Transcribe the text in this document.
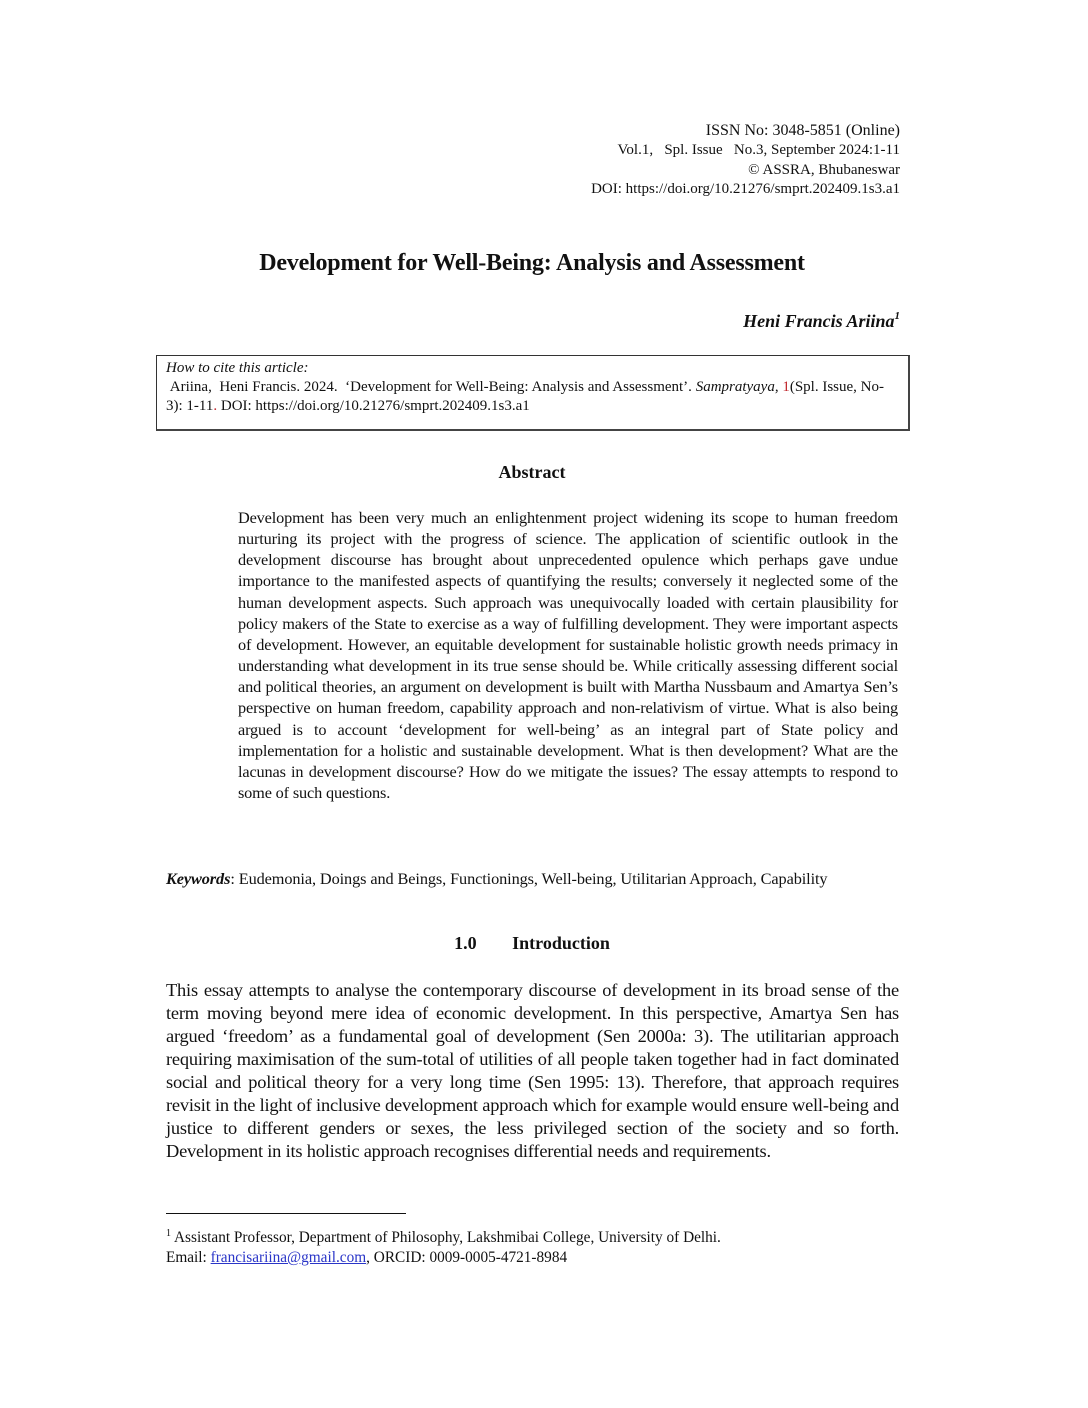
ISSN No: 3048-5851 (Online)
Vol.1,   Spl. Issue   No.3, September 2024:1-11
© ASSRA, Bhubaneswar
DOI: https://doi.org/10.21276/smprt.202409.1s3.a1
Development for Well-Being: Analysis and Assessment
Heni Francis Ariina$^1$
How to cite this article:
Ariina,  Heni Francis. 2024.  ‘Development for Well-Being: Analysis and Assessment’. Sampratyaya, 1(Spl. Issue, No-3): 1-11. DOI: https://doi.org/10.21276/smprt.202409.1s3.a1
Abstract

Development has been very much an enlightenment project widening its scope to human freedom nurturing its project with the progress of science. The application of scientific outlook in the development discourse has brought about unprecedented opulence which perhaps gave undue importance to the manifested aspects of quantifying the results; conversely it neglected some of the human development aspects. Such approach was unequivocally loaded with certain plausibility for policy makers of the State to exercise as a way of fulfilling development. They were important aspects of development. However, an equitable development for sustainable holistic growth needs primacy in understanding what development in its true sense should be. While critically assessing different social and political theories, an argument on development is built with Martha Nussbaum and Amartya Sen’s perspective on human freedom, capability approach and non-relativism of virtue. What is also being argued is to account ‘development for well-being’ as an integral part of State policy and implementation for a holistic and sustainable development. What is then development? What are the lacunas in development discourse? How do we mitigate the issues? The essay attempts to respond to some of such questions.

Keywords: Eudemonia, Doings and Beings, Functionings, Well-being, Utilitarian Approach, Capability

1.0 Introduction

This essay attempts to analyse the contemporary discourse of development in its broad sense of the term moving beyond mere idea of economic development. In this perspective, Amartya Sen has argued ‘freedom’ as a fundamental goal of development (Sen 2000a: 3). The utilitarian approach requiring maximisation of the sum-total of utilities of all people taken together had in fact dominated social and political theory for a very long time (Sen 1995: 13). Therefore, that approach requires revisit in the light of inclusive development approach which for example would ensure well-being and justice to different genders or sexes, the less privileged section of the society and so forth. Development in its holistic approach recognises differential needs and requirements.

$^1$ Assistant Professor, Department of Philosophy, Lakshmibai College, University of Delhi.
Email: francisariina@gmail.com, ORCID: 0009-0005-4721-8984
